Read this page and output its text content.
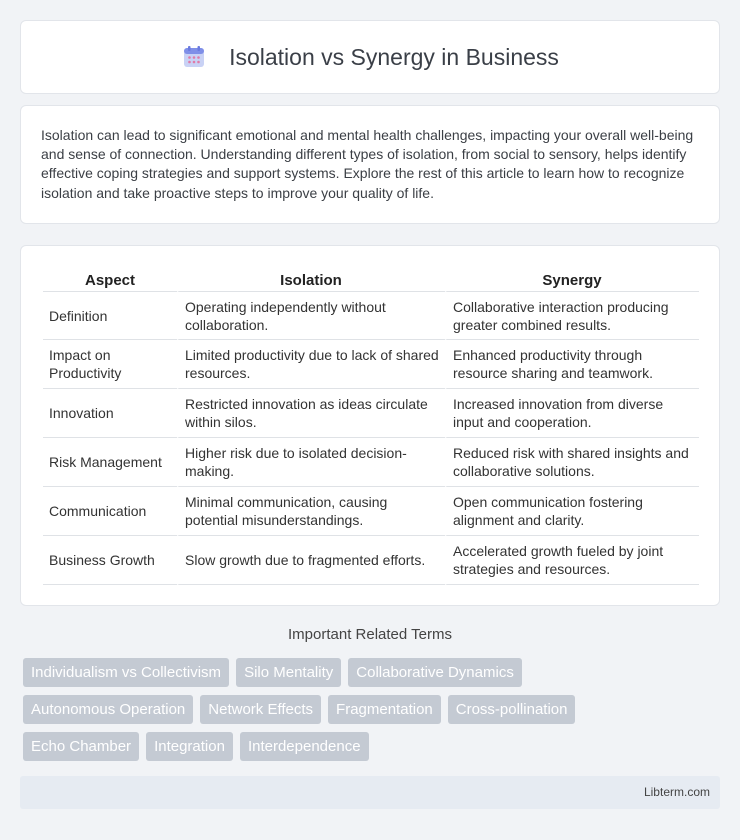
Isolation vs Synergy in Business

Isolation can lead to significant emotional and mental health challenges, impacting your overall well-being and sense of connection. Understanding different types of isolation, from social to sensory, helps identify effective coping strategies and support systems. Explore the rest of this article to learn how to recognize isolation and take proactive steps to improve your quality of life.

Aspect	Isolation	Synergy
Definition	Operating independently without collaboration.	Collaborative interaction producing greater combined results.
Impact on Productivity	Limited productivity due to lack of shared resources.	Enhanced productivity through resource sharing and teamwork.
Innovation	Restricted innovation as ideas circulate within silos.	Increased innovation from diverse input and cooperation.
Risk Management	Higher risk due to isolated decision-making.	Reduced risk with shared insights and collaborative solutions.
Communication	Minimal communication, causing potential misunderstandings.	Open communication fostering alignment and clarity.
Business Growth	Slow growth due to fragmented efforts.	Accelerated growth fueled by joint strategies and resources.
Important Related Terms
Individualism vs Collectivism	Silo Mentality	Collaborative Dynamics
Autonomous Operation	Network Effects	Fragmentation	Cross-pollination
Echo Chamber	Integration	Interdependence
Libterm.com
